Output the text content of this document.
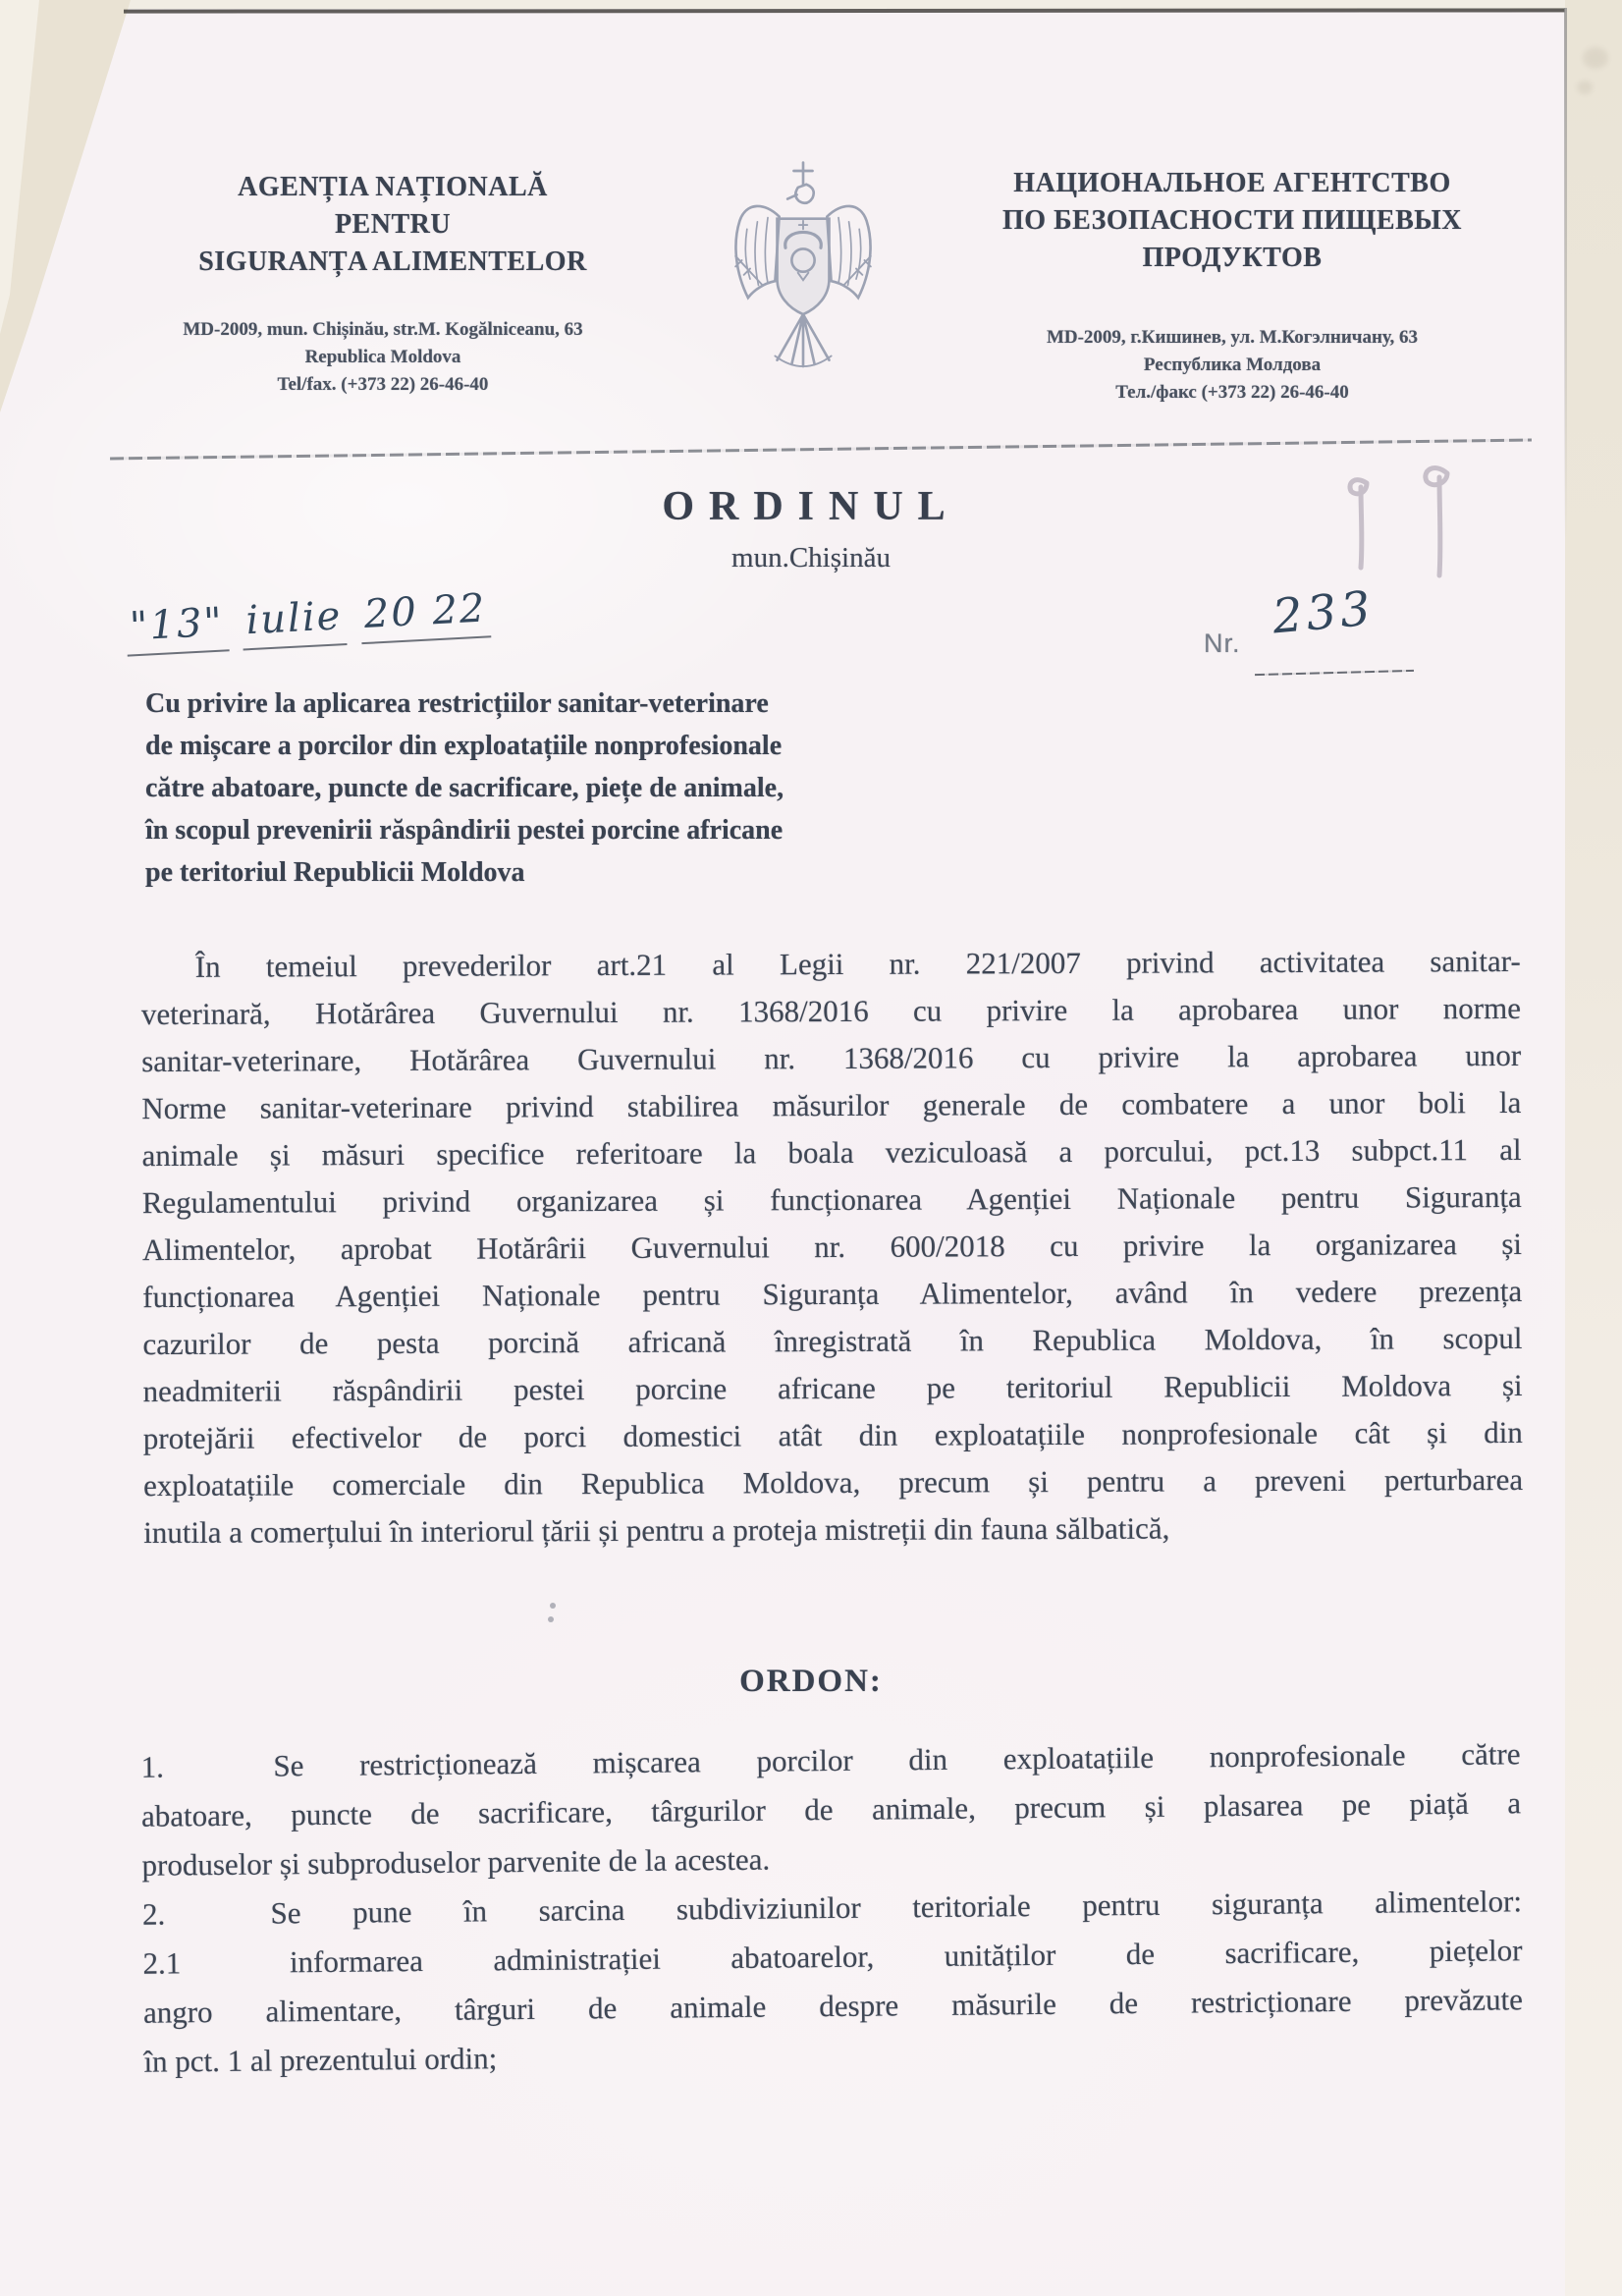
AGENȚIA NAȚIONALĂ
PENTRU
SIGURANȚA ALIMENTELOR
MD-2009, mun. Chișinău, str.M. Kogălniceanu, 63
Republica Moldova
Tel/fax. (+373 22) 26-46-40
НАЦИОНАЛЬНОЕ АГЕНТСТВО
ПО БЕЗОПАСНОСТИ ПИЩЕВЫХ
ПРОДУКТОВ
MD-2009, г.Кишинев, ул. М.Когэлничану, 63
Республика Молдова
Тел./факс (+373 22) 26-46-40
ORDINUL
mun.Chișinău
"13" iulie 20 22
Nr. 233
Cu privire la aplicarea restricțiilor sanitar-veterinare
de mișcare a porcilor din exploatațiile nonprofesionale
către abatoare, puncte de sacrificare, piețe de animale,
în scopul prevenirii răspândirii pestei porcine africane
pe teritoriul Republicii Moldova
În temeiul prevederilor art.21 al Legii nr. 221/2007 privind activitatea sanitar-
veterinară, Hotărârea Guvernului nr. 1368/2016 cu privire la aprobarea unor norme
sanitar-veterinare, Hotărârea Guvernului nr. 1368/2016 cu privire la aprobarea unor
Norme sanitar-veterinare privind stabilirea măsurilor generale de combatere a unor boli la
animale și măsuri specifice referitoare la boala veziculoasă a porcului, pct.13 subpct.11 al
Regulamentului privind organizarea și funcționarea Agenției Naționale pentru Siguranța
Alimentelor, aprobat Hotărârii Guvernului nr. 600/2018 cu privire la organizarea și
funcționarea Agenției Naționale pentru Siguranța Alimentelor, având în vedere prezența
cazurilor de pesta porcină africană înregistrată în Republica Moldova, în scopul
neadmiterii răspândirii pestei porcine africane pe teritoriul Republicii Moldova și
protejării efectivelor de porci domestici atât din exploatațiile nonprofesionale cât și din
exploatațiile comerciale din Republica Moldova, precum și pentru a preveni perturbarea
inutila a comerțului în interiorul țării și pentru a proteja mistreții din fauna sălbatică,
ORDON:
1.	Se restricționează mișcarea porcilor din exploatațiile nonprofesionale către
abatoare, puncte de sacrificare, târgurilor de animale, precum și plasarea pe piață a
produselor și subproduselor parvenite de la acestea.
2.	Se pune în sarcina subdiviziunilor teritoriale pentru siguranța alimentelor:
2.1	informarea administrației abatoarelor, unităților de sacrificare, piețelor
angro alimentare, târguri de animale despre măsurile de restricționare prevăzute
în pct. 1 al prezentului ordin;
